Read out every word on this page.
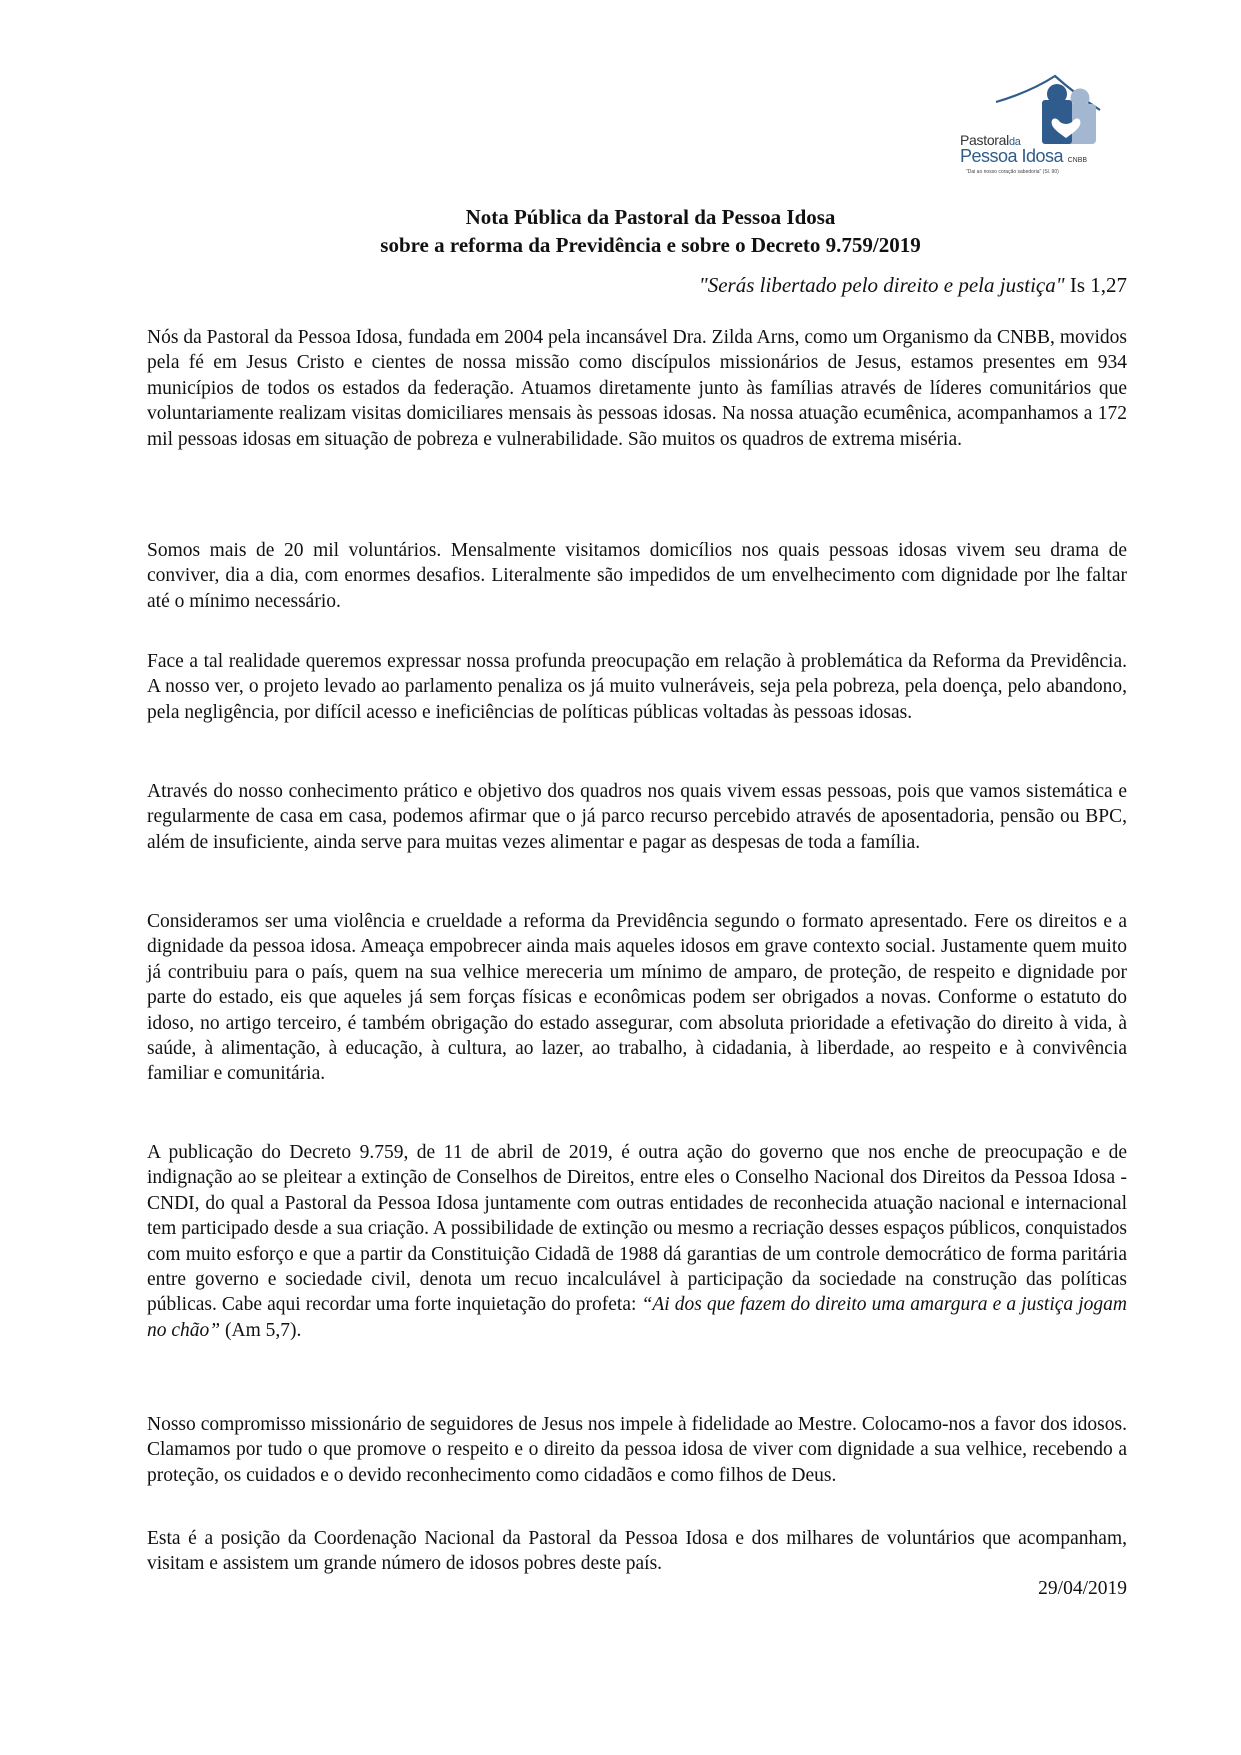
Pastoralda
Pessoa Idosa CNBB
"Dai ao nosso coração sabedoria" (Sl. 90)
Nota Pública da Pastoral da Pessoa Idosa
sobre a reforma da Previdência e sobre o Decreto 9.759/2019
"Serás libertado pelo direito e pela justiça" Is 1,27

Nós da Pastoral da Pessoa Idosa, fundada em 2004 pela incansável Dra. Zilda Arns, como um Organismo da CNBB, movidos pela fé em Jesus Cristo e cientes de nossa missão como discípulos missionários de Jesus, estamos presentes em 934 municípios de todos os estados da federação. Atuamos diretamente junto às famílias através de líderes comunitários que voluntariamente realizam visitas domiciliares mensais às pessoas idosas. Na nossa atuação ecumênica, acompanhamos a 172 mil pessoas idosas em situação de pobreza e vulnerabilidade. São muitos os quadros de extrema miséria.

Somos mais de 20 mil voluntários. Mensalmente visitamos domicílios nos quais pessoas idosas vivem seu drama de conviver, dia a dia, com enormes desafios. Literalmente são impedidos de um envelhecimento com dignidade por lhe faltar até o mínimo necessário.

Face a tal realidade queremos expressar nossa profunda preocupação em relação à problemática da Reforma da Previdência. A nosso ver, o projeto levado ao parlamento penaliza os já muito vulneráveis, seja pela pobreza, pela doença, pelo abandono, pela negligência, por difícil acesso e ineficiências de políticas públicas voltadas às pessoas idosas.

Através do nosso conhecimento prático e objetivo dos quadros nos quais vivem essas pessoas, pois que vamos sistemática e regularmente de casa em casa, podemos afirmar que o já parco recurso percebido através de aposentadoria, pensão ou BPC, além de insuficiente, ainda serve para muitas vezes alimentar e pagar as despesas de toda a família.

Consideramos ser uma violência e crueldade a reforma da Previdência segundo o formato apresentado. Fere os direitos e a dignidade da pessoa idosa. Ameaça empobrecer ainda mais aqueles idosos em grave contexto social. Justamente quem muito já contribuiu para o país, quem na sua velhice mereceria um mínimo de amparo, de proteção, de respeito e dignidade por parte do estado, eis que aqueles já sem forças físicas e econômicas podem ser obrigados a novas. Conforme o estatuto do idoso, no artigo terceiro, é também obrigação do estado assegurar, com absoluta prioridade a efetivação do direito à vida, à saúde, à alimentação, à educação, à cultura, ao lazer, ao trabalho, à cidadania, à liberdade, ao respeito e à convivência familiar e comunitária.

A publicação do Decreto 9.759, de 11 de abril de 2019, é outra ação do governo que nos enche de preocupação e de indignação ao se pleitear a extinção de Conselhos de Direitos, entre eles o Conselho Nacional dos Direitos da Pessoa Idosa - CNDI, do qual a Pastoral da Pessoa Idosa juntamente com outras entidades de reconhecida atuação nacional e internacional tem participado desde a sua criação. A possibilidade de extinção ou mesmo a recriação desses espaços públicos, conquistados com muito esforço e que a partir da Constituição Cidadã de 1988 dá garantias de um controle democrático de forma paritária entre governo e sociedade civil, denota um recuo incalculável à participação da sociedade na construção das políticas públicas. Cabe aqui recordar uma forte inquietação do profeta: “Ai dos que fazem do direito uma amargura e a justiça jogam no chão” (Am 5,7).

Nosso compromisso missionário de seguidores de Jesus nos impele à fidelidade ao Mestre. Colocamo-nos a favor dos idosos. Clamamos por tudo o que promove o respeito e o direito da pessoa idosa de viver com dignidade a sua velhice, recebendo a proteção, os cuidados e o devido reconhecimento como cidadãos e como filhos de Deus.

Esta é a posição da Coordenação Nacional da Pastoral da Pessoa Idosa e dos milhares de voluntários que acompanham, visitam e assistem um grande número de idosos pobres deste país.

29/04/2019
